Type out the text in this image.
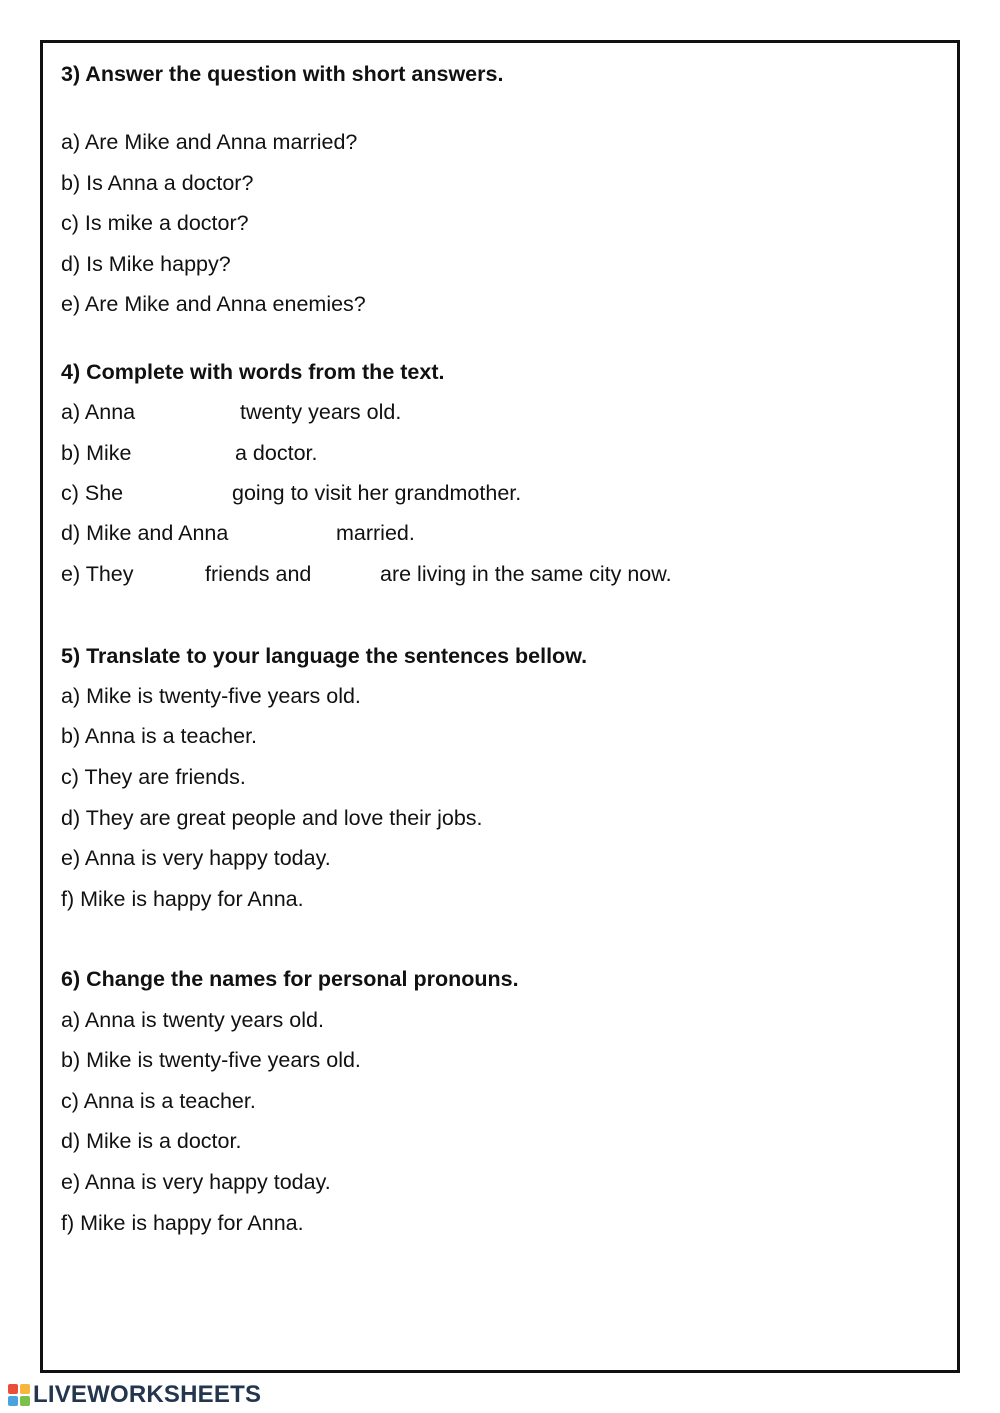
3) Answer the question with short answers.

a) Are Mike and Anna married?

b) Is Anna a doctor?

c) Is mike a doctor?

d) Is Mike happy?

e) Are Mike and Anna enemies?

4) Complete with words from the text.

a) Anna	twenty years old.
b) Mike	a doctor.
c) She	going to visit her grandmother.
d) Mike and Anna	married.
e) They	friends and	are living in the same city now.

5) Translate to your language the sentences bellow.

a) Mike is twenty-five years old.

b) Anna is a teacher.

c) They are friends.

d) They are great people and love their jobs.

e) Anna is very happy today.

f) Mike is happy for Anna.

6) Change the names for personal pronouns.

a) Anna is twenty years old.

b) Mike is twenty-five years old.

c) Anna is a teacher.

d) Mike is a doctor.

e) Anna is very happy today.

f) Mike is happy for Anna.

LIVEWORKSHEETS
